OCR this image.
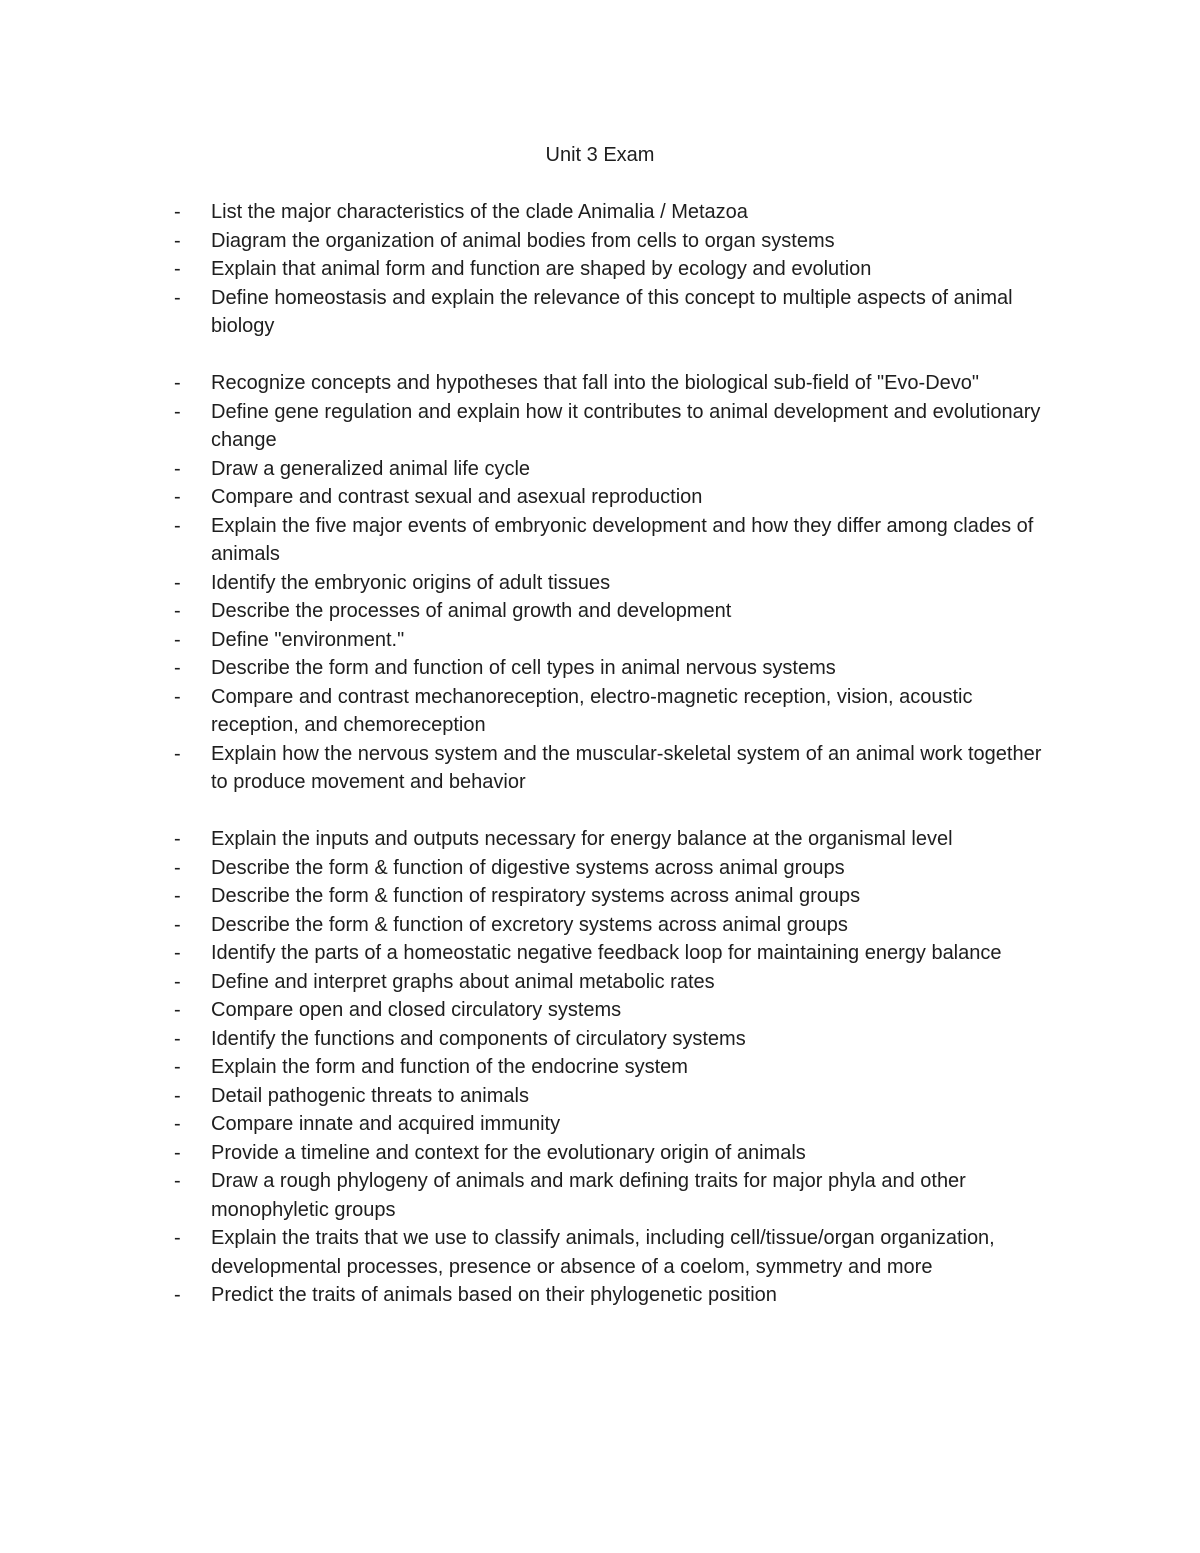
Unit 3 Exam
- List the major characteristics of the clade Animalia / Metazoa
- Diagram the organization of animal bodies from cells to organ systems
- Explain that animal form and function are shaped by ecology and evolution
- Define homeostasis and explain the relevance of this concept to multiple aspects of animal biology
- Recognize concepts and hypotheses that fall into the biological sub-field of "Evo-Devo"
- Define gene regulation and explain how it contributes to animal development and evolutionary change
- Draw a generalized animal life cycle
- Compare and contrast sexual and asexual reproduction
- Explain the five major events of embryonic development and how they differ among clades of animals
- Identify the embryonic origins of adult tissues
- Describe the processes of animal growth and development
- Define "environment."
- Describe the form and function of cell types in animal nervous systems
- Compare and contrast mechanoreception, electro-magnetic reception, vision, acoustic reception, and chemoreception
- Explain how the nervous system and the muscular-skeletal system of an animal work together to produce movement and behavior
- Explain the inputs and outputs necessary for energy balance at the organismal level
- Describe the form & function of digestive systems across animal groups
- Describe the form & function of respiratory systems across animal groups
- Describe the form & function of excretory systems across animal groups
- Identify the parts of a homeostatic negative feedback loop for maintaining energy balance
- Define and interpret graphs about animal metabolic rates
- Compare open and closed circulatory systems
- Identify the functions and components of circulatory systems
- Explain the form and function of the endocrine system
- Detail pathogenic threats to animals
- Compare innate and acquired immunity
- Provide a timeline and context for the evolutionary origin of animals
- Draw a rough phylogeny of animals and mark defining traits for major phyla and other monophyletic groups
- Explain the traits that we use to classify animals, including cell/tissue/organ organization, developmental processes, presence or absence of a coelom, symmetry and more
- Predict the traits of animals based on their phylogenetic position
